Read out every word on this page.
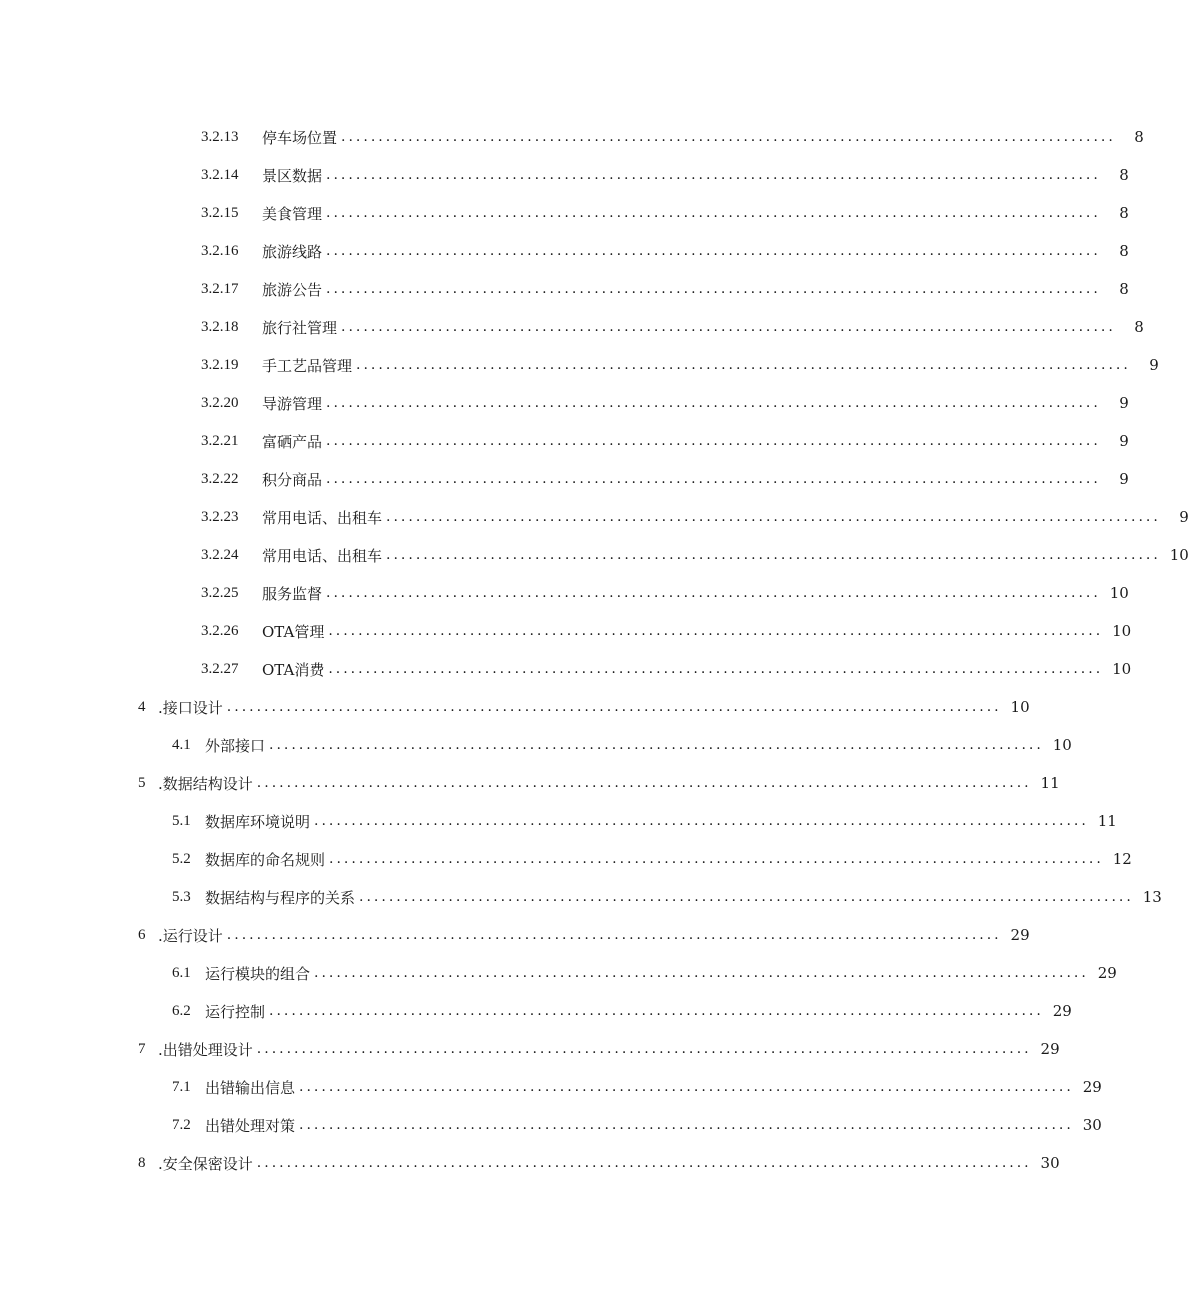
3.2.13	停车场位置 ........................................................................................................	8
3.2.14	景区数据 ........................................................................................................	8
3.2.15	美食管理 ........................................................................................................	8
3.2.16	旅游线路 ........................................................................................................	8
3.2.17	旅游公告 ........................................................................................................	8
3.2.18	旅行社管理 ........................................................................................................	8
3.2.19	手工艺品管理 ........................................................................................................	9
3.2.20	导游管理 ........................................................................................................	9
3.2.21	富硒产品 ........................................................................................................	9
3.2.22	积分商品 ........................................................................................................	9
3.2.23	常用电话、出租车 ........................................................................................................	9
3.2.24	常用电话、出租车 ........................................................................................................ 10
3.2.25	服务监督 ........................................................................................................ 10
3.2.26	OTA管理 ........................................................................................................ 10
3.2.27	OTA消费 ........................................................................................................ 10
4	. 接口设计 ........................................................................................................ 10
4.1 外部接口 ........................................................................................................ 10
5	. 数据结构设计 ........................................................................................................ 11
5.1 数据库环境说明 ........................................................................................................ 11
5.2 数据库的命名规则 ........................................................................................................ 12
5.3 数据结构与程序的关系 ........................................................................................................ 13
6	. 运行设计 ........................................................................................................ 29
6.1 运行模块的组合 ........................................................................................................ 29
6.2 运行控制 ........................................................................................................ 29
7	. 出错处理设计 ........................................................................................................ 29
7.1 出错输出信息 ........................................................................................................ 29
7.2 出错处理对策 ........................................................................................................ 30
8	. 安全保密设计 ........................................................................................................ 30
